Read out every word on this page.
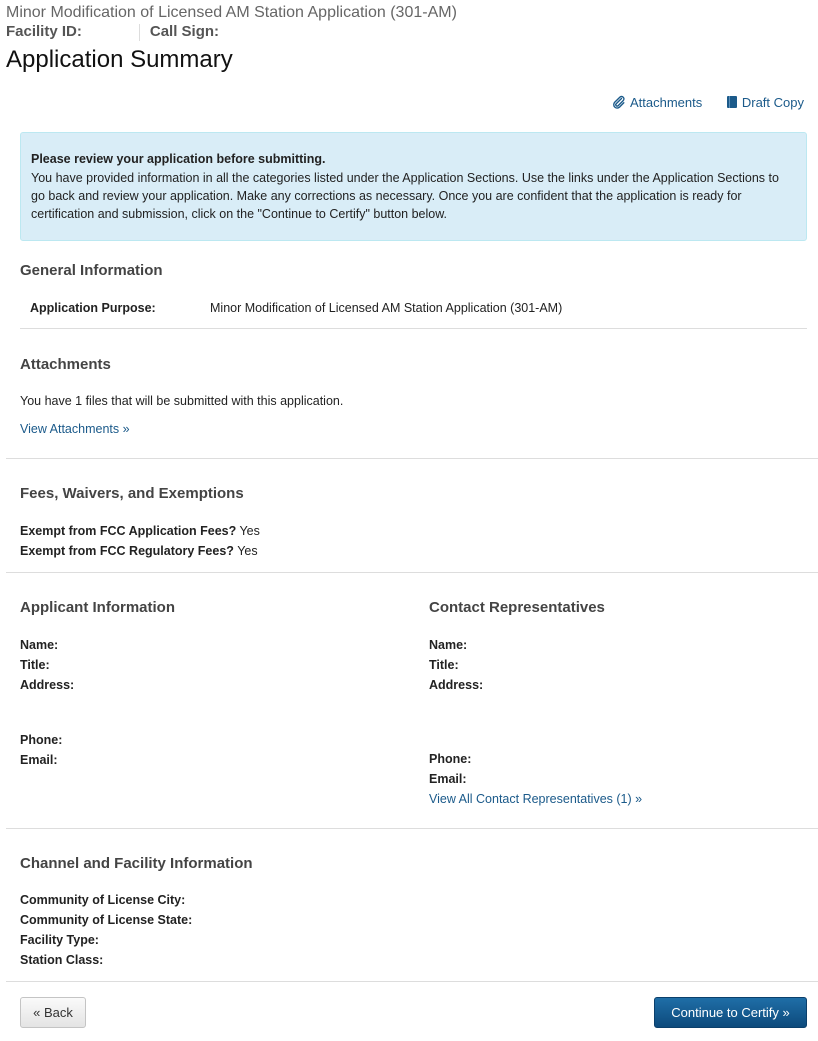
Minor Modification of Licensed AM Station Application (301-AM)
Facility ID:	Call Sign:
Application Summary
Attachments	Draft Copy
Please review your application before submitting.
You have provided information in all the categories listed under the Application Sections. Use the links under the Application Sections to go back and review your application. Make any corrections as necessary. Once you are confident that the application is ready for certification and submission, click on the "Continue to Certify" button below.
General Information
Application Purpose:	Minor Modification of Licensed AM Station Application (301-AM)
Attachments
You have 1 files that will be submitted with this application.
View Attachments »
Fees, Waivers, and Exemptions
Exempt from FCC Application Fees? Yes
Exempt from FCC Regulatory Fees? Yes
Applicant Information
Name:
Title:
Address:
Phone:
Email:
Contact Representatives
Name:
Title:
Address:
Phone:
Email:
View All Contact Representatives (1) »
Channel and Facility Information
Community of License City:
Community of License State:
Facility Type:
Station Class:
« Back	Continue to Certify »
